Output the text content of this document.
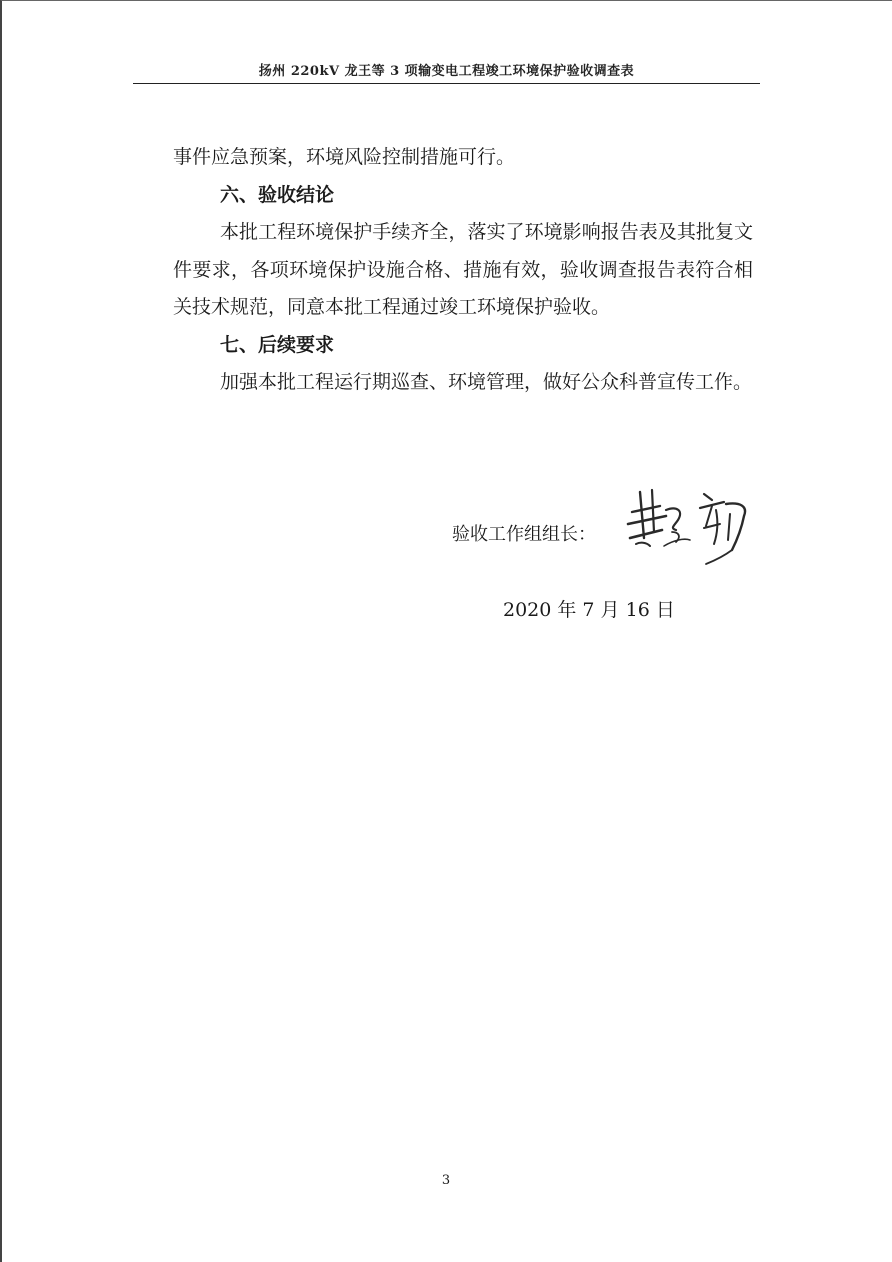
扬州 220kV 龙王等 3 项输变电工程竣工环境保护验收调查表

事件应急预案，环境风险控制措施可行。

六、验收结论

本批工程环境保护手续齐全，落实了环境影响报告表及其批复文件要求，各项环境保护设施合格、措施有效，验收调查报告表符合相关技术规范，同意本批工程通过竣工环境保护验收。

七、后续要求

加强本批工程运行期巡查、环境管理，做好公众科普宣传工作。

验收工作组组长：
2020 年 7 月 16 日
3
